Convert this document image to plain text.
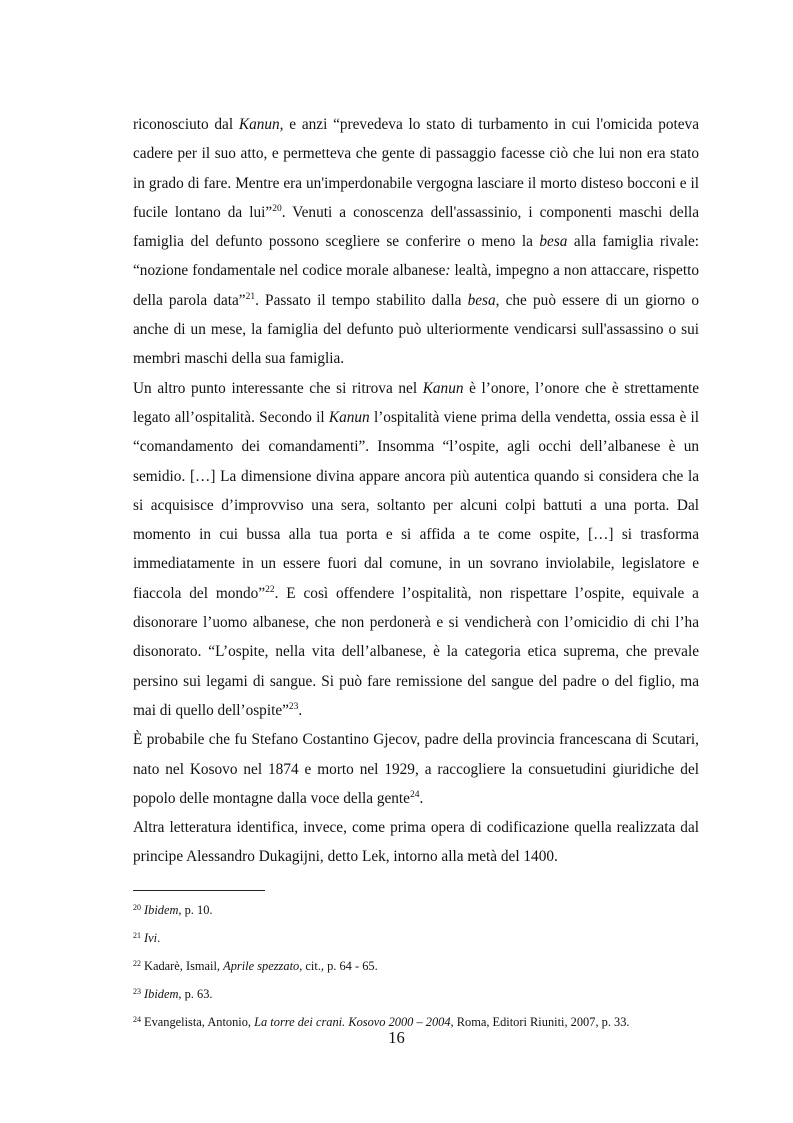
riconosciuto dal Kanun, e anzi “prevedeva lo stato di turbamento in cui l'omicida poteva cadere per il suo atto, e permetteva che gente di passaggio facesse ciò che lui non era stato in grado di fare. Mentre era un'imperdonabile vergogna lasciare il morto disteso bocconi e il fucile lontano da lui”$^{20}$. Venuti a conoscenza dell'assassinio, i componenti maschi della famiglia del defunto possono scegliere se conferire o meno la besa alla famiglia rivale: “nozione fondamentale nel codice morale albanese: lealtà, impegno a non attaccare, rispetto della parola data”$^{21}$. Passato il tempo stabilito dalla besa, che può essere di un giorno o anche di un mese, la famiglia del defunto può ulteriormente vendicarsi sull'assassino o sui membri maschi della sua famiglia.

Un altro punto interessante che si ritrova nel Kanun è l’onore, l’onore che è strettamente legato all’ospitalità. Secondo il Kanun l’ospitalità viene prima della vendetta, ossia essa è il “comandamento dei comandamenti”. Insomma “l’ospite, agli occhi dell’albanese è un semidio. […] La dimensione divina appare ancora più autentica quando si considera che la si acquisisce d’improvviso una sera, soltanto per alcuni colpi battuti a una porta. Dal momento in cui bussa alla tua porta e si affida a te come ospite, […] si trasforma immediatamente in un essere fuori dal comune, in un sovrano inviolabile, legislatore e fiaccola del mondo”$^{22}$. E così offendere l’ospitalità, non rispettare l’ospite, equivale a disonorare l’uomo albanese, che non perdonerà e si vendicherà con l’omicidio di chi l’ha disonorato. “L’ospite, nella vita dell’albanese, è la categoria etica suprema, che prevale persino sui legami di sangue. Si può fare remissione del sangue del padre o del figlio, ma mai di quello dell’ospite”$^{23}$.

È probabile che fu Stefano Costantino Gjecov, padre della provincia francescana di Scutari, nato nel Kosovo nel 1874 e morto nel 1929, a raccogliere la consuetudini giuridiche del popolo delle montagne dalla voce della gente$^{24}$.

Altra letteratura identifica, invece, come prima opera di codificazione quella realizzata dal principe Alessandro Dukagijni, detto Lek, intorno alla metà del 1400.

$^{20}$ Ibidem, p. 10.

$^{21}$ Ivi.

$^{22}$ Kadarè, Ismail, Aprile spezzato, cit., p. 64 - 65.

$^{23}$ Ibidem, p. 63.

$^{24}$ Evangelista, Antonio, La torre dei crani. Kosovo 2000 – 2004, Roma, Editori Riuniti, 2007, p. 33.

16
